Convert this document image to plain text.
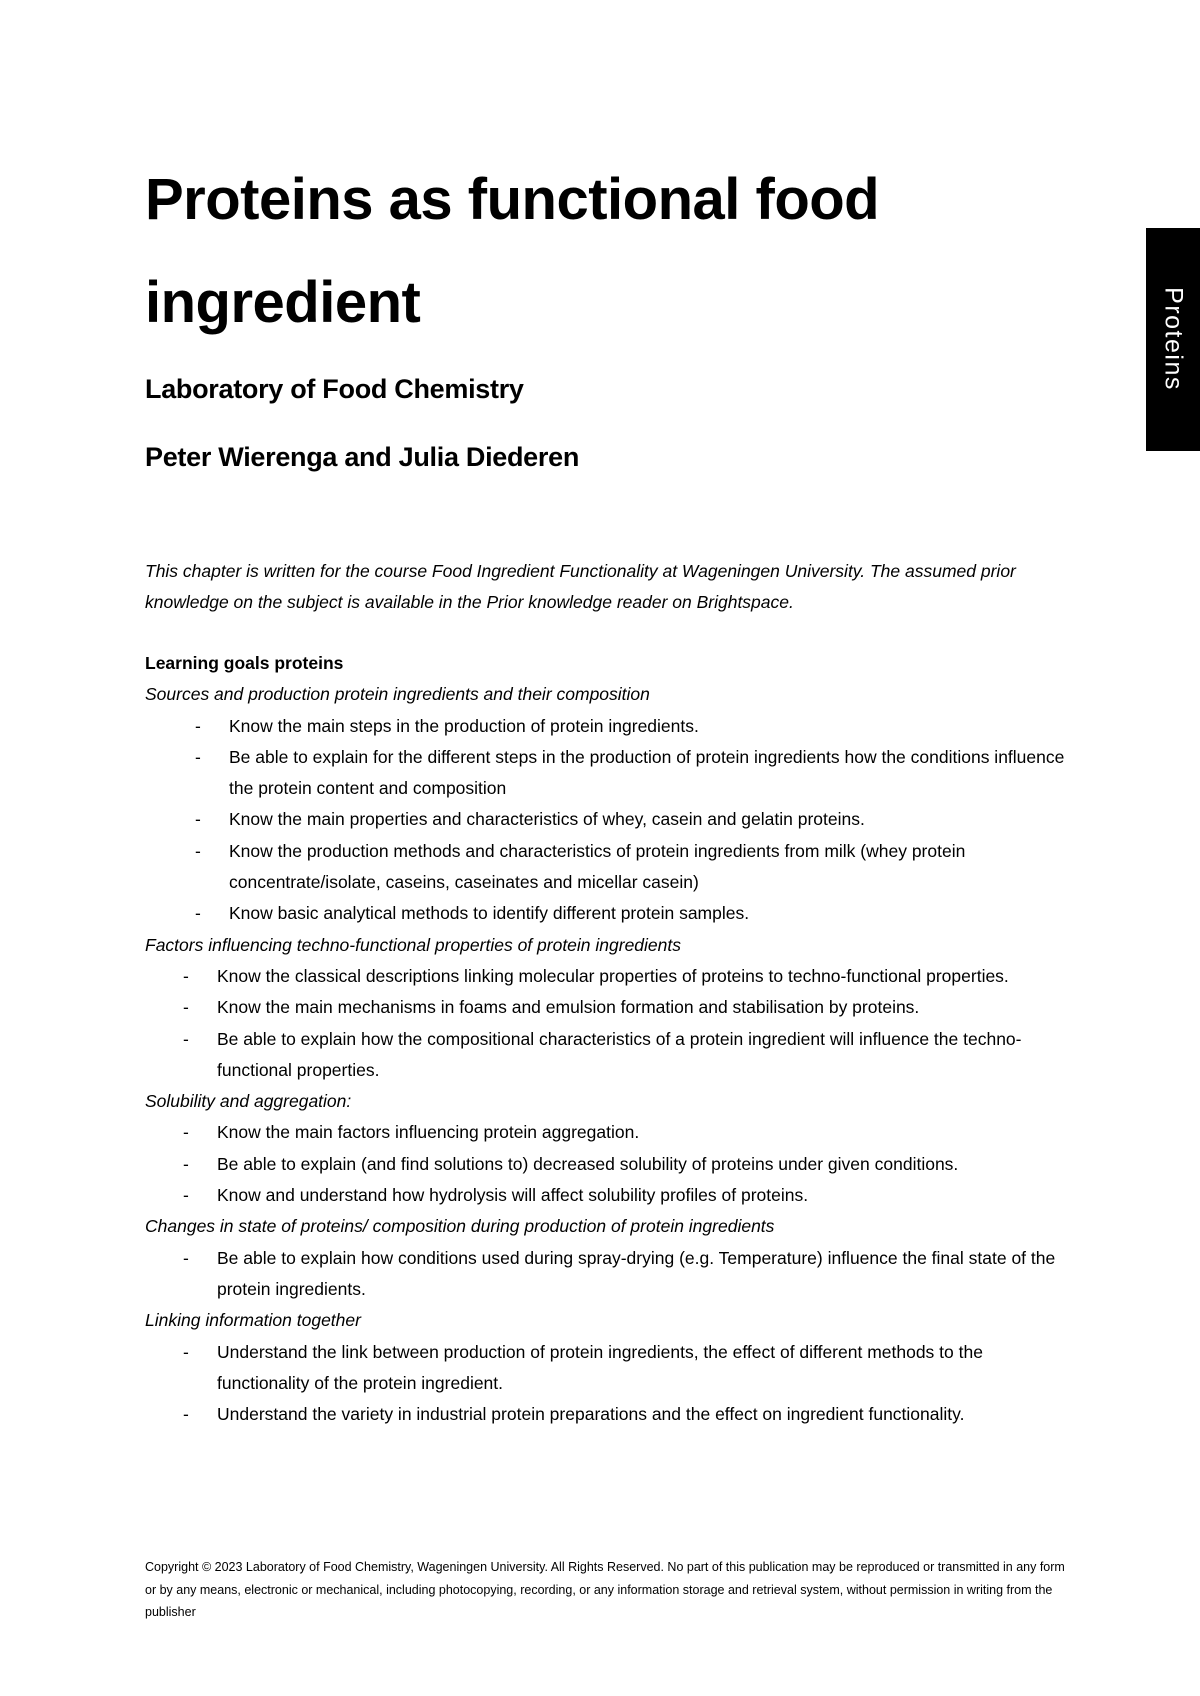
Proteins
Proteins as functional food ingredient
Laboratory of Food Chemistry
Peter Wierenga and Julia Diederen
This chapter is written for the course Food Ingredient Functionality at Wageningen University. The assumed prior knowledge on the subject is available in the Prior knowledge reader on Brightspace.
Learning goals proteins
Sources and production protein ingredients and their composition
- Know the main steps in the production of protein ingredients.
- Be able to explain for the different steps in the production of protein ingredients how the conditions influence the protein content and composition
- Know the main properties and characteristics of whey, casein and gelatin proteins.
- Know the production methods and characteristics of protein ingredients from milk (whey protein concentrate/isolate, caseins, caseinates and micellar casein)
- Know basic analytical methods to identify different protein samples.
Factors influencing techno-functional properties of protein ingredients
- Know the classical descriptions linking molecular properties of proteins to techno-functional properties.
- Know the main mechanisms in foams and emulsion formation and stabilisation by proteins.
- Be able to explain how the compositional characteristics of a protein ingredient will influence the techno-functional properties.
Solubility and aggregation:
- Know the main factors influencing protein aggregation.
- Be able to explain (and find solutions to) decreased solubility of proteins under given conditions.
- Know and understand how hydrolysis will affect solubility profiles of proteins.
Changes in state of proteins/ composition during production of protein ingredients
- Be able to explain how conditions used during spray-drying (e.g. Temperature) influence the final state of the protein ingredients.
Linking information together
- Understand the link between production of protein ingredients, the effect of different methods to the functionality of the protein ingredient.
- Understand the variety in industrial protein preparations and the effect on ingredient functionality.
Copyright © 2023 Laboratory of Food Chemistry, Wageningen University. All Rights Reserved. No part of this publication may be reproduced or transmitted in any form or by any means, electronic or mechanical, including photocopying, recording, or any information storage and retrieval system, without permission in writing from the publisher
